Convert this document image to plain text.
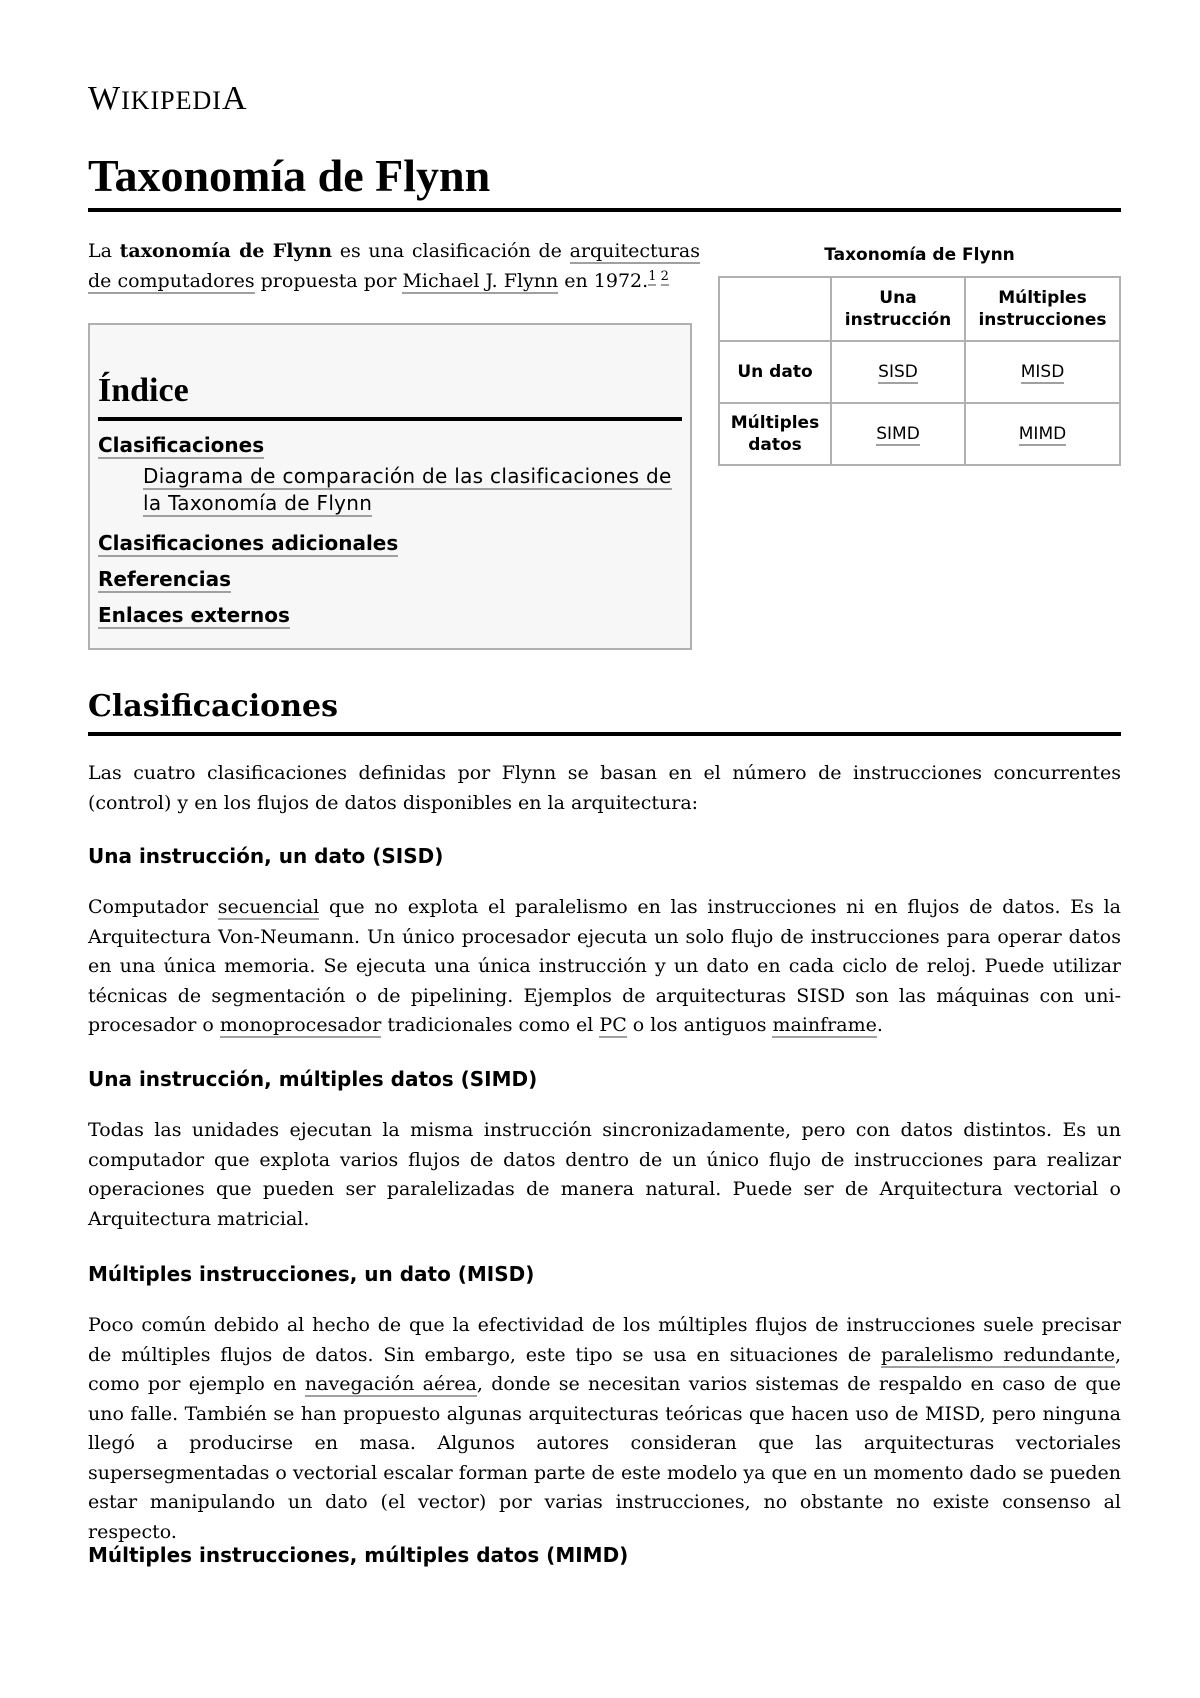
WIKIPEDIA
Taxonomía de Flynn
La taxonomía de Flynn es una clasificación de arquitecturas de computadores propuesta por Michael J. Flynn en 1972.$^{1 2}$
Índice
Clasificaciones
Diagrama de comparación de las clasificaciones de la Taxonomía de Flynn
Clasificaciones adicionales
Referencias
Enlaces externos
Taxonomía de Flynn
	Una instrucción	Múltiples instrucciones
Un dato	SISD	MISD
Múltiples datos	SIMD	MIMD
Clasificaciones
Las cuatro clasificaciones definidas por Flynn se basan en el número de instrucciones concurrentes (control) y en los flujos de datos disponibles en la arquitectura:
Una instrucción, un dato (SISD)
Computador secuencial que no explota el paralelismo en las instrucciones ni en flujos de datos. Es la Arquitectura Von-Neumann. Un único procesador ejecuta un solo flujo de instrucciones para operar datos en una única memoria. Se ejecuta una única instrucción y un dato en cada ciclo de reloj. Puede utilizar técnicas de segmentación o de pipelining. Ejemplos de arquitecturas SISD son las máquinas con uni-procesador o monoprocesador tradicionales como el PC o los antiguos mainframe.
Una instrucción, múltiples datos (SIMD)
Todas las unidades ejecutan la misma instrucción sincronizadamente, pero con datos distintos. Es un computador que explota varios flujos de datos dentro de un único flujo de instrucciones para realizar operaciones que pueden ser paralelizadas de manera natural. Puede ser de Arquitectura vectorial o Arquitectura matricial.
Múltiples instrucciones, un dato (MISD)
Poco común debido al hecho de que la efectividad de los múltiples flujos de instrucciones suele precisar de múltiples flujos de datos. Sin embargo, este tipo se usa en situaciones de paralelismo redundante, como por ejemplo en navegación aérea, donde se necesitan varios sistemas de respaldo en caso de que uno falle. También se han propuesto algunas arquitecturas teóricas que hacen uso de MISD, pero ninguna llegó a producirse en masa. Algunos autores consideran que las arquitecturas vectoriales supersegmentadas o vectorial escalar forman parte de este modelo ya que en un momento dado se pueden estar manipulando un dato (el vector) por varias instrucciones, no obstante no existe consenso al respecto.
Múltiples instrucciones, múltiples datos (MIMD)
